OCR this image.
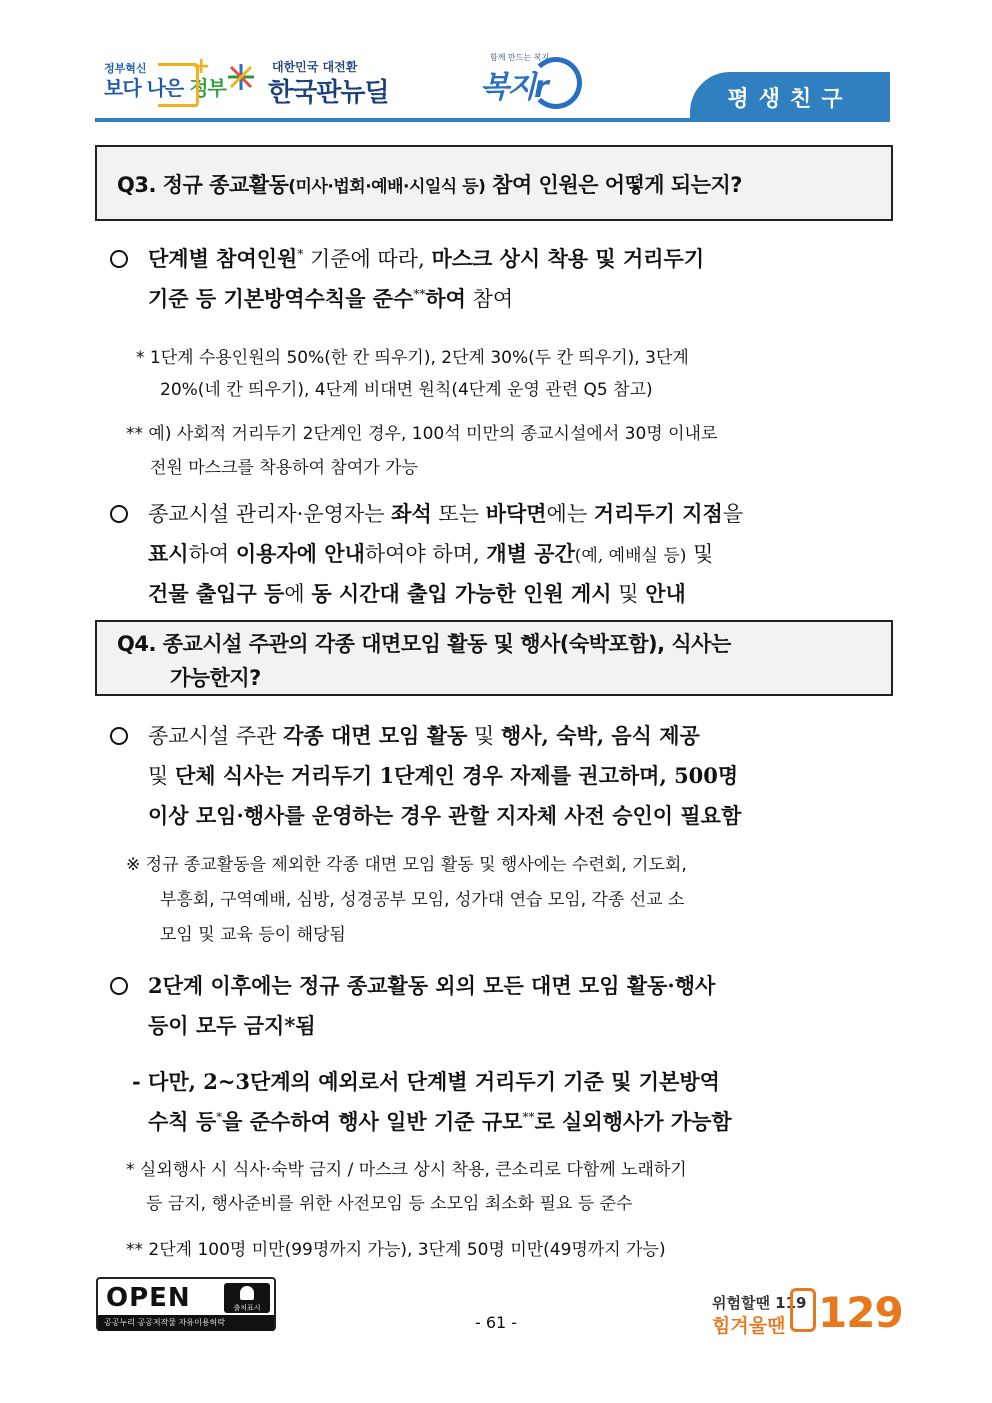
정부혁신
보다 나은 정부
+	대한민국 대전환
한국판뉴딜
함께 만드는 복지
복지r	평생친구
Q3. 정규 종교활동(미사·법회·예배·시일식 등) 참여 인원은 어떻게 되는지?
단계별 참여인원* 기준에 따라, 마스크 상시 착용 및 거리두기
기준 등 기본방역수칙을 준수**하여 참여
* 1단계 수용인원의 50%(한 칸 띄우기), 2단계 30%(두 칸 띄우기), 3단계
20%(네 칸 띄우기), 4단계 비대면 원칙(4단계 운영 관련 Q5 참고)
** 예) 사회적 거리두기 2단계인 경우, 100석 미만의 종교시설에서 30명 이내로
전원 마스크를 착용하여 참여가 가능
종교시설 관리자·운영자는 좌석 또는 바닥면에는 거리두기 지점을
표시하여 이용자에 안내하여야 하며, 개별 공간(예, 예배실 등) 및
건물 출입구 등에 동 시간대 출입 가능한 인원 게시 및 안내
Q4. 종교시설 주관의 각종 대면모임 활동 및 행사(숙박포함), 식사는
가능한지?
종교시설 주관 각종 대면 모임 활동 및 행사, 숙박, 음식 제공
및 단체 식사는 거리두기 1단계인 경우 자제를 권고하며, 500명
이상 모임·행사를 운영하는 경우 관할 지자체 사전 승인이 필요함
※ 정규 종교활동을 제외한 각종 대면 모임 활동 및 행사에는 수련회, 기도회,
부흥회, 구역예배, 심방, 성경공부 모임, 성가대 연습 모임, 각종 선교 소
모임 및 교육 등이 해당됨
2단계 이후에는 정규 종교활동 외의 모든 대면 모임 활동·행사
등이 모두 금지*됨
- 다만, 2~3단계의 예외로서 단계별 거리두기 기준 및 기본방역
수칙 등*을 준수하여 행사 일반 기준 규모**로 실외행사가 가능함
* 실외행사 시 식사·숙박 금지 / 마스크 상시 착용, 큰소리로 다함께 노래하기
등 금지, 행사준비를 위한 사전모임 등 소모임 최소화 필요 등 준수
** 2단계 100명 미만(99명까지 가능), 3단계 50명 미만(49명까지 가능)
OPEN	출처표시
공공누리 공공저작물 자유이용허락	- 61 -
위험할땐 119
힘겨울땐 129
